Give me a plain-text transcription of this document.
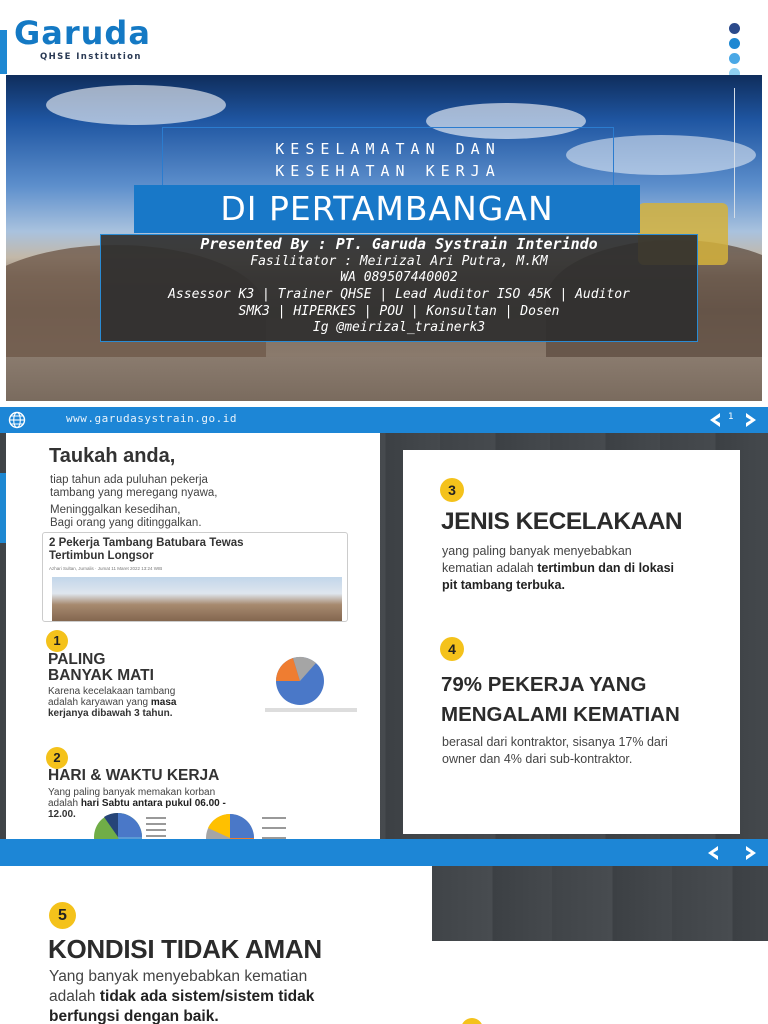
Garuda
QHSE Institution
KESELAMATAN DAN
KESEHATAN KERJA
DI PERTAMBANGAN
Presented By : PT. Garuda Systrain Interindo
Fasilitator : Meirizal Ari Putra, M.KM
WA 089507440002
Assessor K3 | Trainer QHSE | Lead Auditor ISO 45K | Auditor
SMK3 | HIPERKES | POU | Konsultan | Dosen
Ig @meirizal_trainerk3
www.garudasystrain.go.id	1
Taukah anda,
tiap tahun ada puluhan pekerja
tambang yang meregang nyawa,
Meninggalkan kesedihan,
Bagi orang yang ditinggalkan.
2 Pekerja Tambang Batubara Tewas
Tertimbun Longsor
Azhari Sultan, Jurnalis · Jumat 11 Maret 2022 13:24 WIB
1
PALING
BANYAK MATI
Karena kecelakaan tambang
adalah karyawan yang masa
kerjanya dibawah 3 tahun.
2
HARI & WAKTU KERJA
Yang paling banyak memakan korban
adalah hari Sabtu antara pukul 06.00 -
12.00.
3
JENIS KECELAKAAN
yang paling banyak menyebabkan
kematian adalah tertimbun dan di lokasi
pit tambang terbuka.
4
79% PEKERJA YANG
MENGALAMI KEMATIAN
berasal dari kontraktor, sisanya 17% dari
owner dan 4% dari sub-kontraktor.
5
KONDISI TIDAK AMAN
Yang banyak menyebabkan kematian
adalah tidak ada sistem/sistem tidak
berfungsi dengan baik.
